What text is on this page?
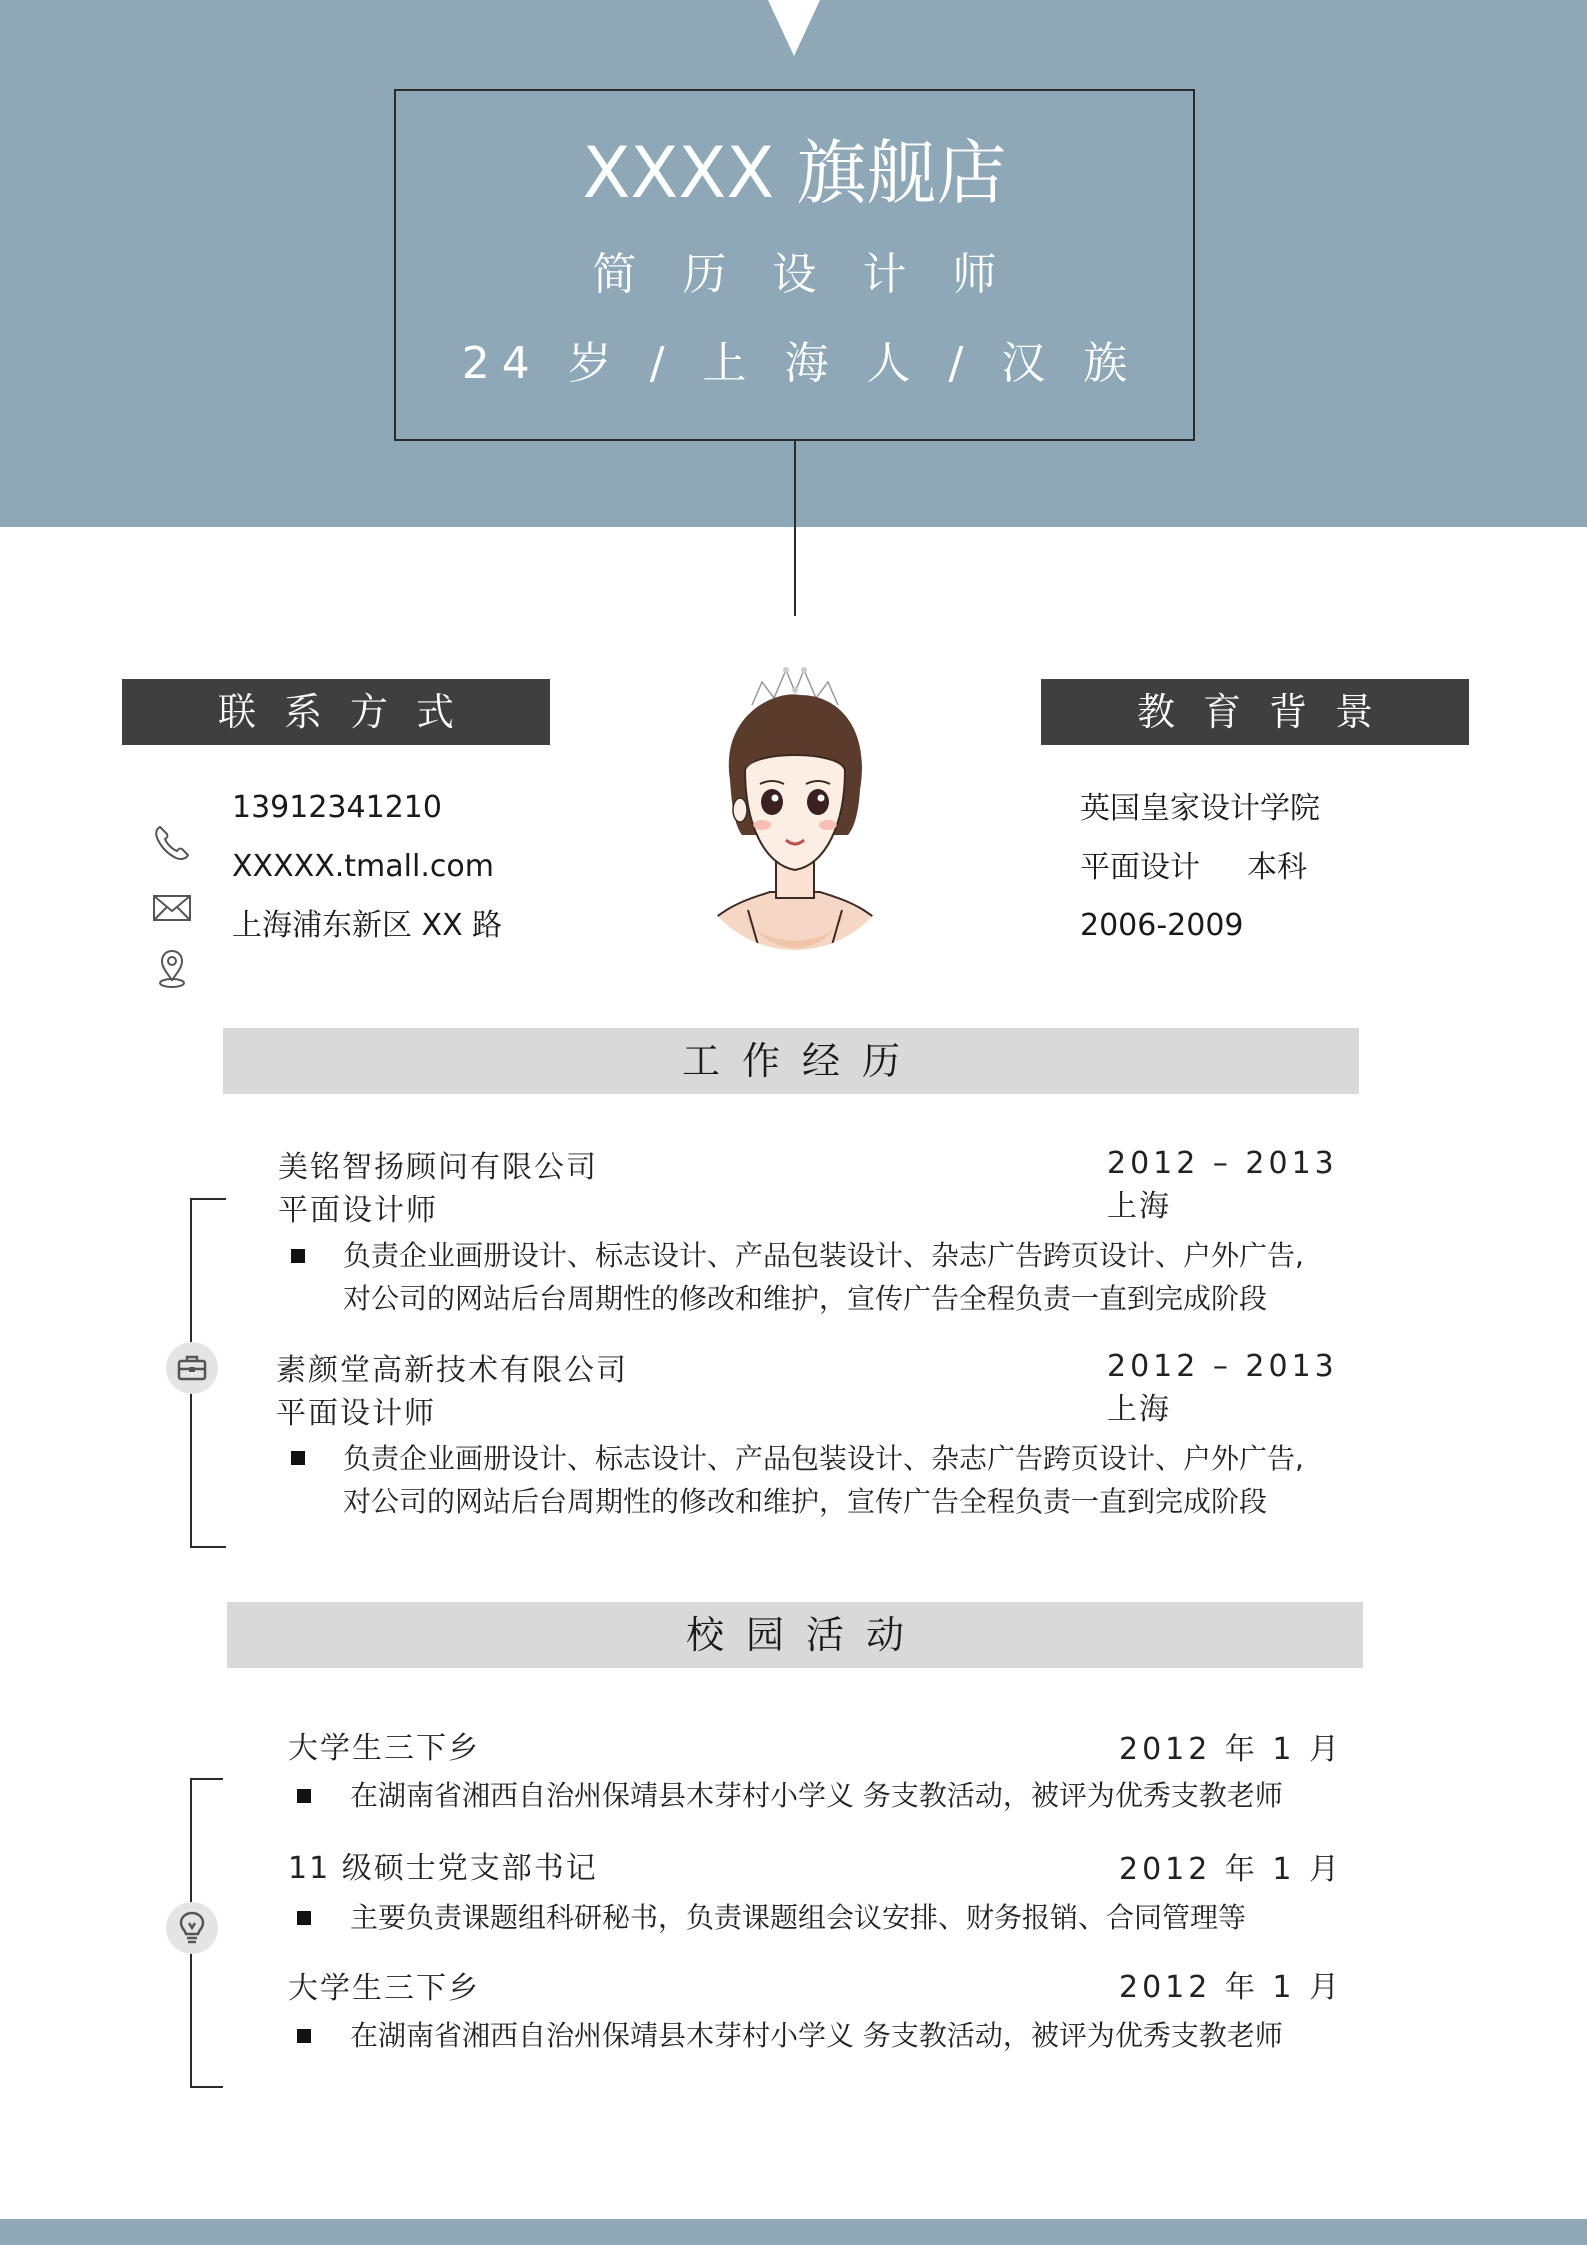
XXXX 旗舰店
简历设计师
24 岁 / 上 海 人 / 汉 族
联系方式
13912341210
XXXXX.tmall.com
上海浦东新区 XX 路
教育背景
英国皇家设计学院
平面设计 本科
2006-2009
工作经历
美铭智扬顾问有限公司	2012 – 2013
平面设计师	上海
负责企业画册设计、标志设计、产品包装设计、杂志广告跨页设计、户外广告,
对公司的网站后台周期性的修改和维护，宣传广告全程负责一直到完成阶段
素颜堂高新技术有限公司	2012 – 2013
平面设计师	上海
负责企业画册设计、标志设计、产品包装设计、杂志广告跨页设计、户外广告,
对公司的网站后台周期性的修改和维护，宣传广告全程负责一直到完成阶段
校园活动
大学生三下乡	2012 年 1 月
在湖南省湘西自治州保靖县木芽村小学义 务支教活动，被评为优秀支教老师
11 级硕士党支部书记	2012 年 1 月
主要负责课题组科研秘书，负责课题组会议安排、财务报销、合同管理等
大学生三下乡	2012 年 1 月
在湖南省湘西自治州保靖县木芽村小学义 务支教活动，被评为优秀支教老师
